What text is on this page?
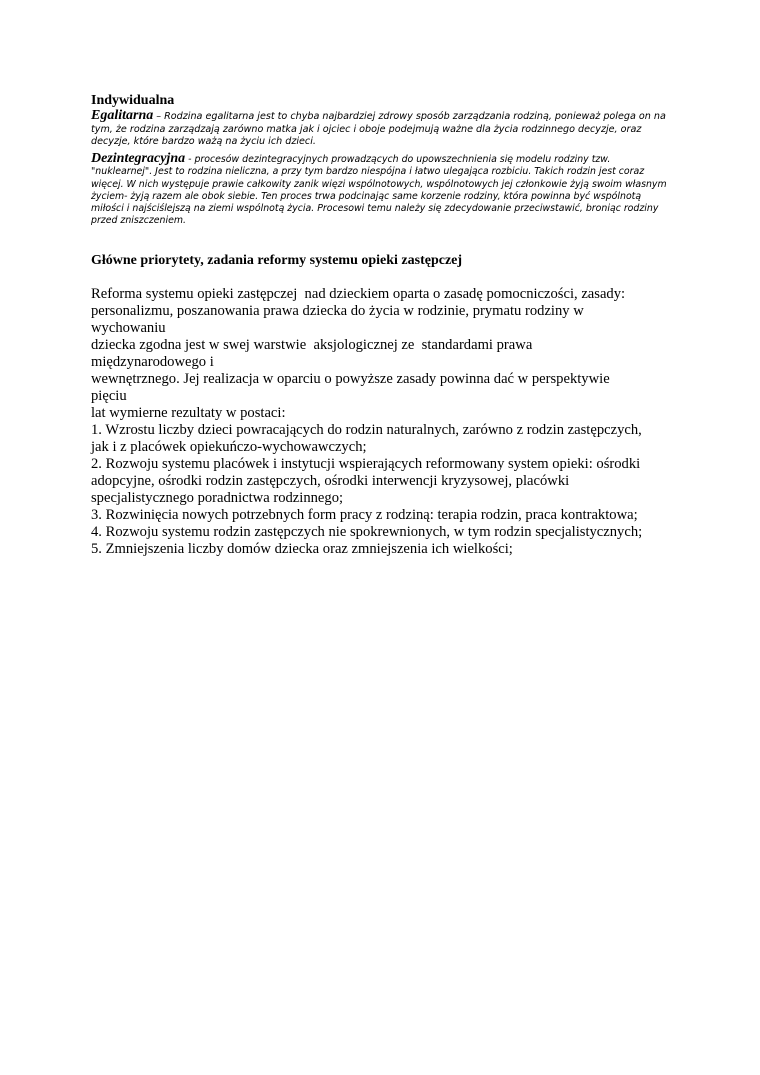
Indywidualna

Egalitarna – Rodzina egalitarna jest to chyba najbardziej zdrowy sposób zarządzania rodziną, ponieważ polega on na tym, że rodzina zarządzają zarówno matka jak i ojciec i oboje podejmują ważne dla życia rodzinnego decyzje, oraz decyzje, które bardzo ważą na życiu ich dzieci.

Dezintegracyjna - procesów dezintegracyjnych prowadzących do upowszechnienia się modelu rodziny tzw. "nuklearnej". Jest to rodzina nieliczna, a przy tym bardzo niespójna i łatwo ulegająca rozbiciu. Takich rodzin jest coraz więcej. W nich występuje prawie całkowity zanik więzi wspólnotowych, wspólnotowych jej członkowie żyją swoim własnym życiem- żyją razem ale obok siebie. Ten proces trwa podcinając same korzenie rodziny, która powinna być wspólnotą miłości i najściślejszą na ziemi wspólnotą życia. Procesowi temu należy się zdecydowanie przeciwstawić, broniąc rodziny przed zniszczeniem.

Główne priorytety, zadania reformy systemu opieki zastępczej
Reforma systemu opieki zastępczej  nad dzieckiem oparta o zasadę pomocniczości, zasady:
personalizmu, poszanowania prawa dziecka do życia w rodzinie, prymatu rodziny w
wychowaniu
dziecka zgodna jest w swej warstwie  aksjologicznej ze  standardami prawa
międzynarodowego i
wewnętrznego. Jej realizacja w oparciu o powyższe zasady powinna dać w perspektywie
pięciu
lat wymierne rezultaty w postaci:
1. Wzrostu liczby dzieci powracających do rodzin naturalnych, zarówno z rodzin zastępczych,
jak i z placówek opiekuńczo-wychowawczych;
2. Rozwoju systemu placówek i instytucji wspierających reformowany system opieki: ośrodki
adopcyjne, ośrodki rodzin zastępczych, ośrodki interwencji kryzysowej, placówki
specjalistycznego poradnictwa rodzinnego;
3. Rozwinięcia nowych potrzebnych form pracy z rodziną: terapia rodzin, praca kontraktowa;
4. Rozwoju systemu rodzin zastępczych nie spokrewnionych, w tym rodzin specjalistycznych;
5. Zmniejszenia liczby domów dziecka oraz zmniejszenia ich wielkości;
